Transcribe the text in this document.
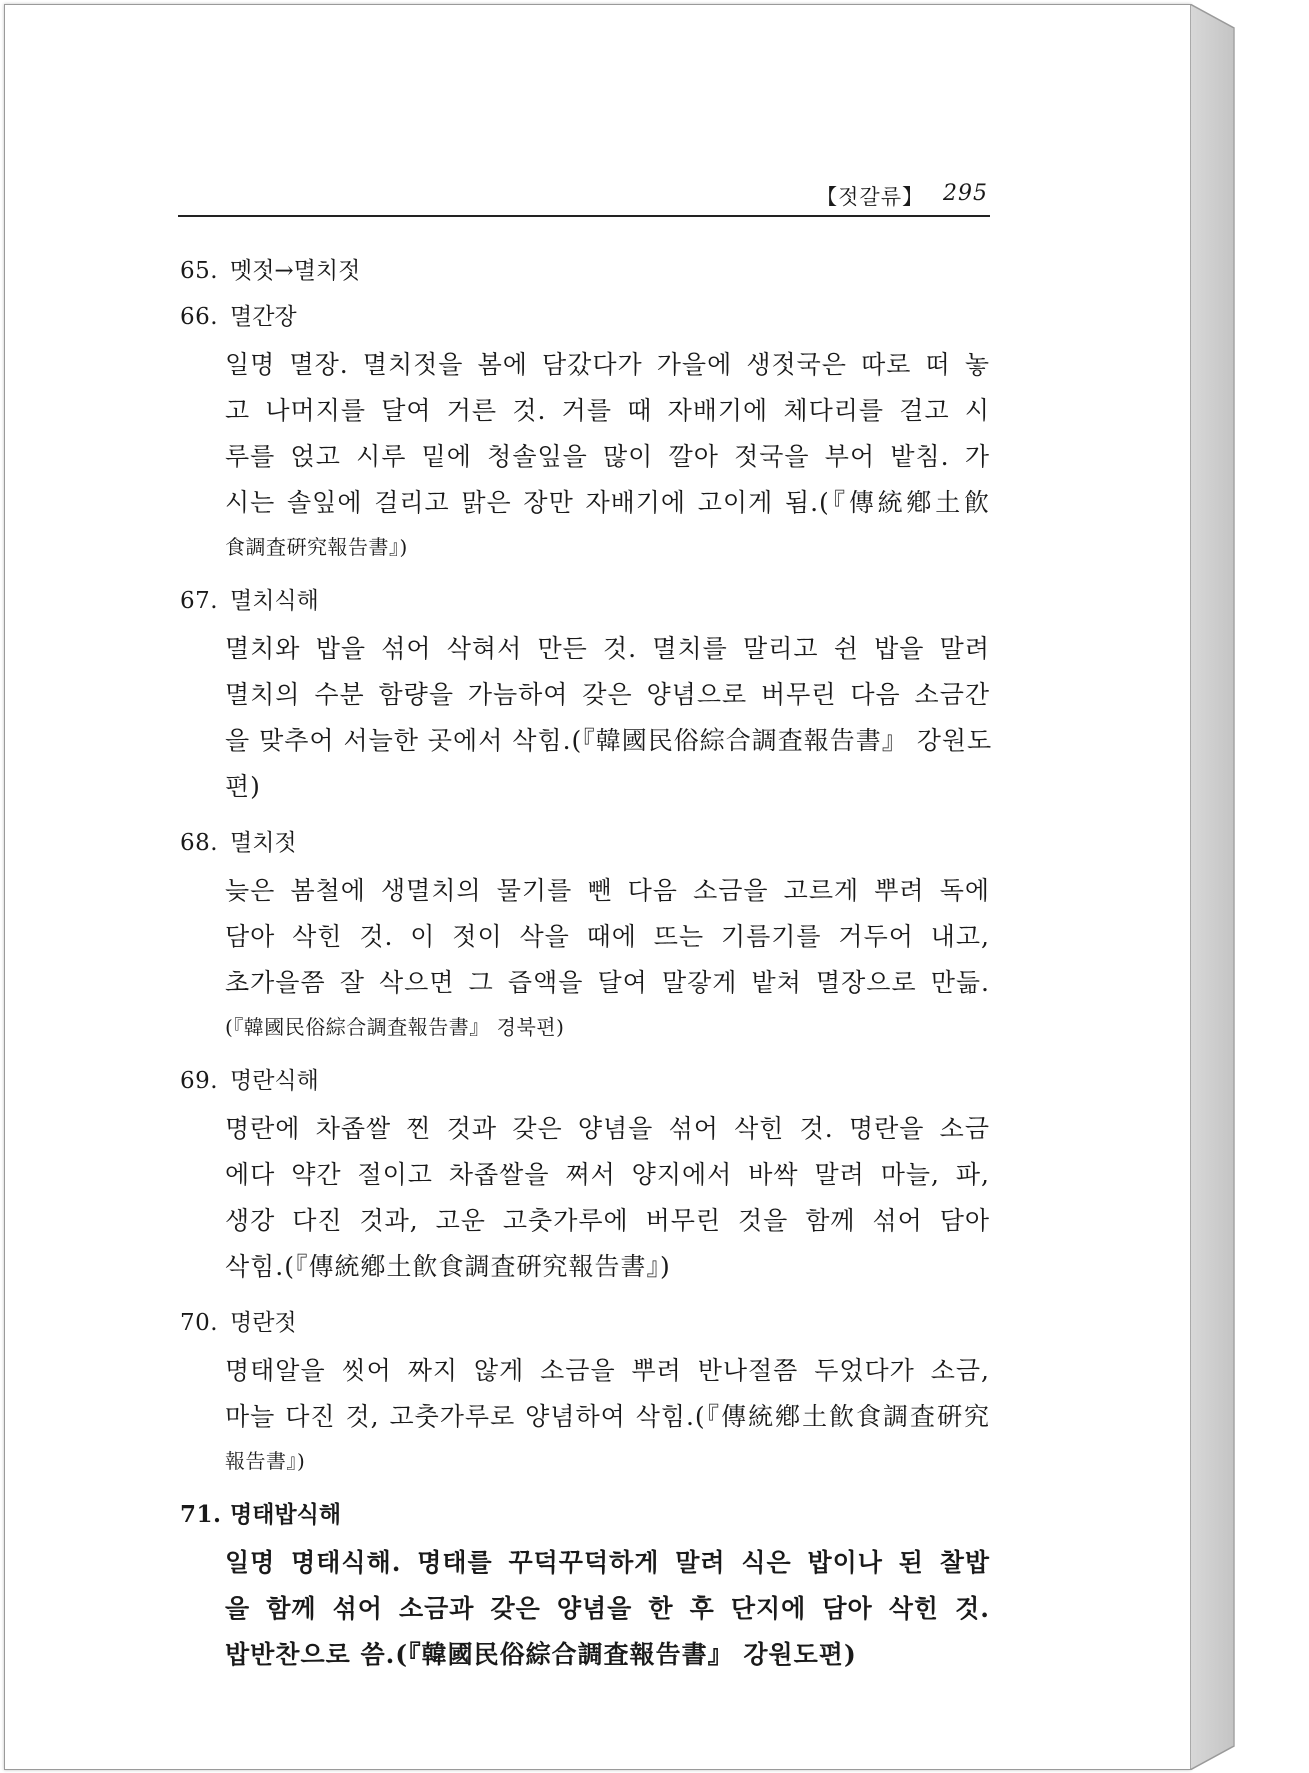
【젓갈류】 295
65. 멧젓→멸치젓
66. 멸간장
일명 멸장. 멸치젓을 봄에 담갔다가 가을에 생젓국은 따로 떠 놓
고 나머지를 달여 거른 것. 거를 때 자배기에 체다리를 걸고 시
루를 얹고 시루 밑에 청솔잎을 많이 깔아 젓국을 부어 밭침. 가
시는 솔잎에 걸리고 맑은 장만 자배기에 고이게 됨.(『傳統鄕土飮
食調査硏究報告書』)
67. 멸치식해
멸치와 밥을 섞어 삭혀서 만든 것. 멸치를 말리고 쉰 밥을 말려
멸치의 수분 함량을 가늠하여 갖은 양념으로 버무린 다음 소금간
을 맞추어 서늘한 곳에서 삭힘.(『韓國民俗綜合調査報告書』 강원도
편)
68. 멸치젓
늦은 봄철에 생멸치의 물기를 뺀 다음 소금을 고르게 뿌려 독에
담아 삭힌 것. 이 젓이 삭을 때에 뜨는 기름기를 거두어 내고,
초가을쯤 잘 삭으면 그 즙액을 달여 말갛게 밭쳐 멸장으로 만듦.
(『韓國民俗綜合調査報告書』 경북편)
69. 명란식해
명란에 차좁쌀 찐 것과 갖은 양념을 섞어 삭힌 것. 명란을 소금
에다 약간 절이고 차좁쌀을 쪄서 양지에서 바싹 말려 마늘, 파,
생강 다진 것과, 고운 고춧가루에 버무린 것을 함께 섞어 담아
삭힘.(『傳統鄕土飮食調査硏究報告書』)
70. 명란젓
명태알을 씻어 짜지 않게 소금을 뿌려 반나절쯤 두었다가 소금,
마늘 다진 것, 고춧가루로 양념하여 삭힘.(『傳統鄕土飮食調査硏究
報告書』)
71. 명태밥식해
일명 명태식해. 명태를 꾸덕꾸덕하게 말려 식은 밥이나 된 찰밥
을 함께 섞어 소금과 갖은 양념을 한 후 단지에 담아 삭힌 것.
밥반찬으로 씀.(『韓國民俗綜合調査報告書』 강원도편)
